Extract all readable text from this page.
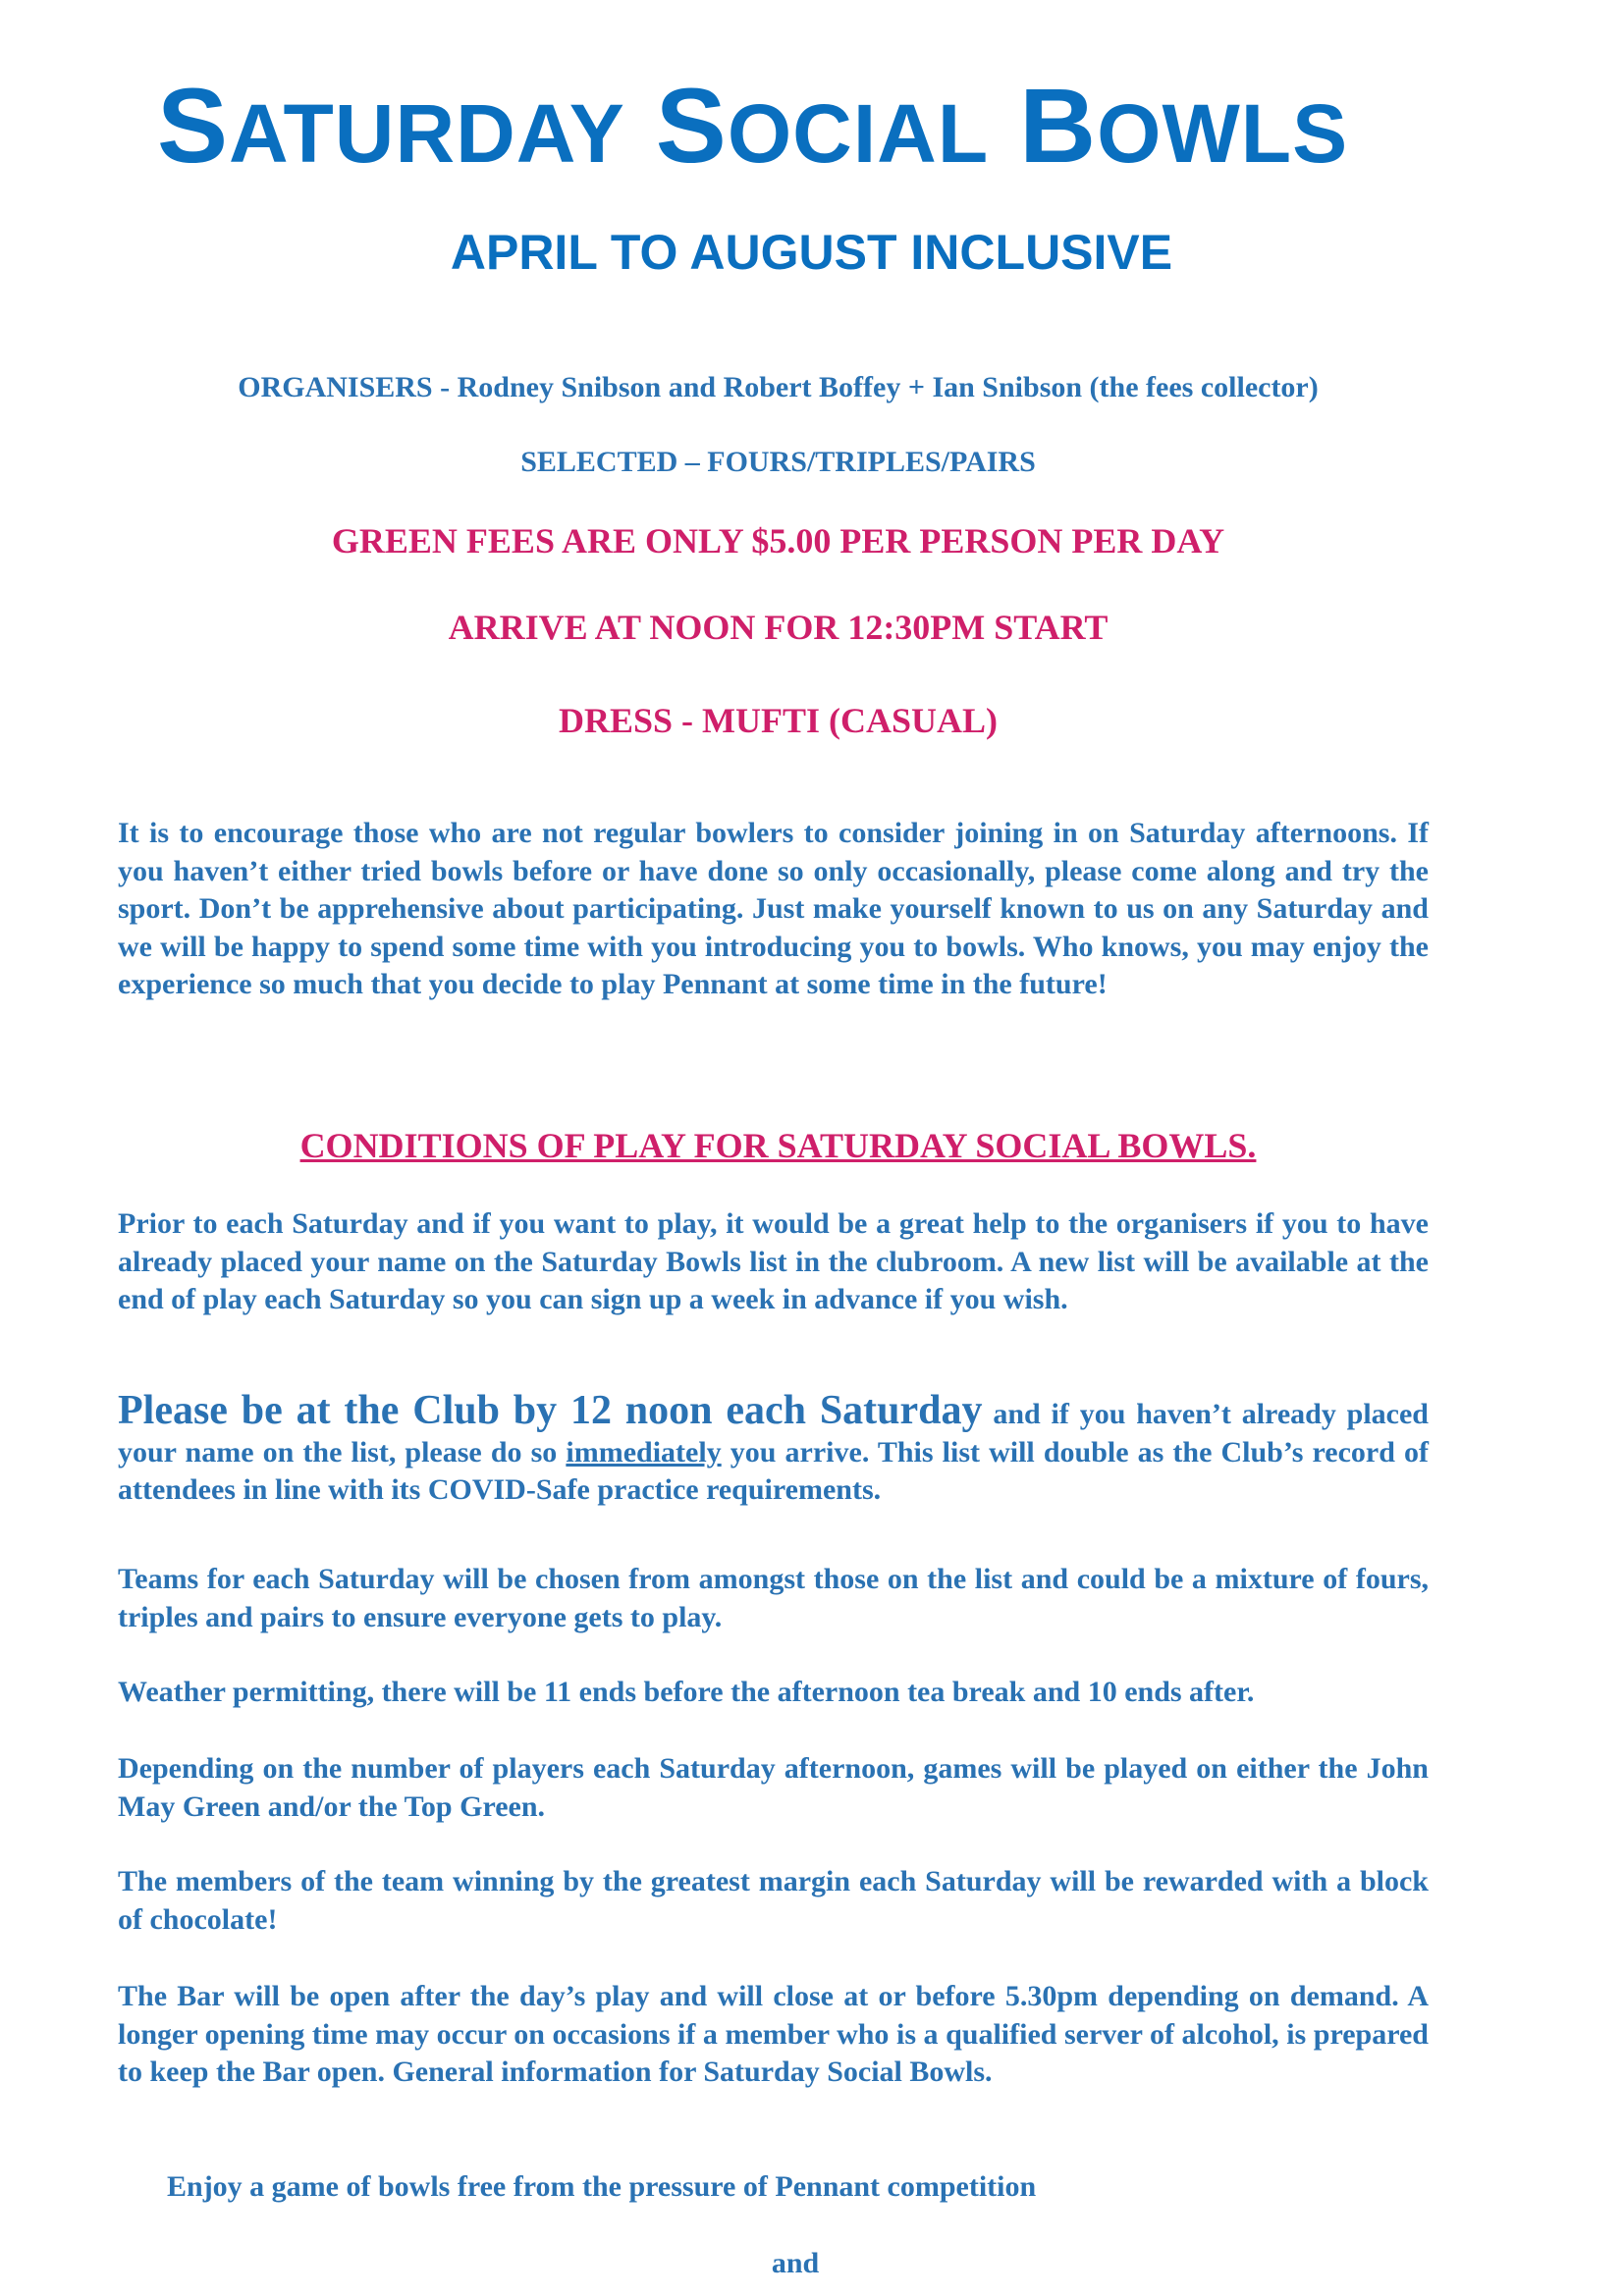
SATURDAY SOCIAL BOWLS
APRIL TO AUGUST INCLUSIVE
ORGANISERS - Rodney Snibson and Robert Boffey + Ian Snibson (the fees collector)
SELECTED – FOURS/TRIPLES/PAIRS
GREEN FEES ARE ONLY $5.00 PER PERSON PER DAY
ARRIVE AT NOON FOR 12:30PM START
DRESS - MUFTI (CASUAL)
It is to encourage those who are not regular bowlers to consider joining in on Saturday afternoons. If you haven’t either tried bowls before or have done so only occasionally, please come along and try the sport. Don’t be apprehensive about participating. Just make yourself known to us on any Saturday and we will be happy to spend some time with you introducing you to bowls. Who knows, you may enjoy the experience so much that you decide to play Pennant at some time in the future!
CONDITIONS OF PLAY FOR SATURDAY SOCIAL BOWLS.
Prior to each Saturday and if you want to play, it would be a great help to the organisers if you to have already placed your name on the Saturday Bowls list in the clubroom. A new list will be available at the end of play each Saturday so you can sign up a week in advance if you wish.
Please be at the Club by 12 noon each Saturday and if you haven’t already placed your name on the list, please do so immediately you arrive. This list will double as the Club’s record of attendees in line with its COVID-Safe practice requirements.
Teams for each Saturday will be chosen from amongst those on the list and could be a mixture of fours, triples and pairs to ensure everyone gets to play.
Weather permitting, there will be 11 ends before the afternoon tea break and 10 ends after.
Depending on the number of players each Saturday afternoon, games will be played on either the John May Green and/or the Top Green.
The members of the team winning by the greatest margin each Saturday will be rewarded with a block of chocolate!
The Bar will be open after the day’s play and will close at or before 5.30pm depending on demand. A longer opening time may occur on occasions if a member who is a qualified server of alcohol, is prepared to keep the Bar open. General information for Saturday Social Bowls.
Enjoy a game of bowls free from the pressure of Pennant competition
and
